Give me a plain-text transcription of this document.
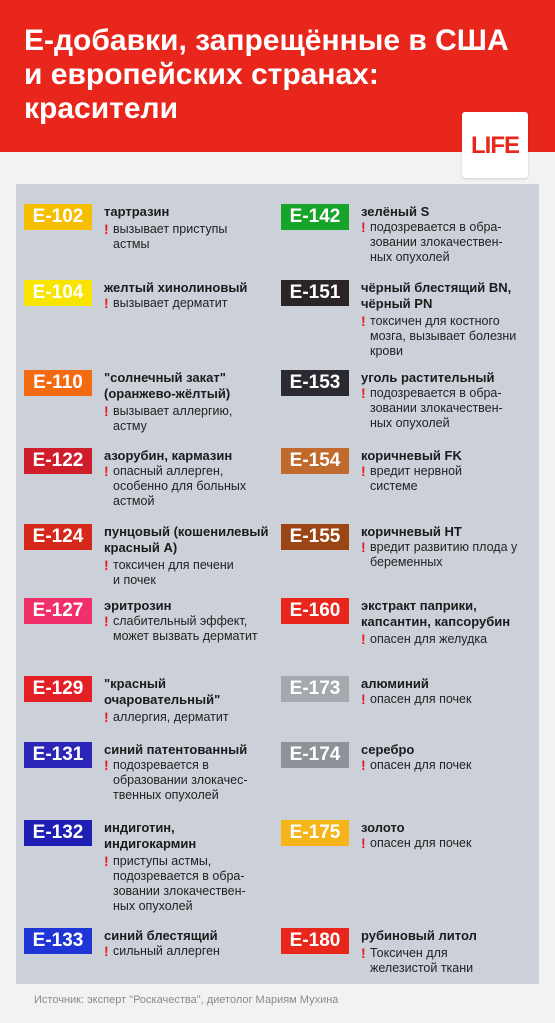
Е-добавки, запрещённые в США
и европейских странах:
красители
LIFE
Е-102	тартразин
! вызывает приступы
астмы
Е-104	желтый хинолиновый
! вызывает дерматит
Е-110	"солнечный закат"
(оранжево-жёлтый)
! вызывает аллергию,
астму
Е-122	азорубин, кармазин
! опасный аллерген,
особенно для больных
астмой
Е-124	пунцовый (кошенилевый
красный А)
! токсичен для печени
и почек
Е-127	эритрозин
! слабительный эффект,
может вызвать дерматит
Е-129	"красный
очаровательный"
! аллергия, дерматит
Е-131	синий патентованный
! подозревается в
образовании злокачес-
твенных опухолей
Е-132	индиготин,
индигокармин
! приступы астмы,
подозревается в обра-
зовании злокачествен-
ных опухолей
Е-133	синий блестящий
! сильный аллерген
Е-142	зелёный S
! подозревается в обра-
зовании злокачествен-
ных опухолей
Е-151	чёрный блестящий BN,
чёрный PN
! токсичен для костного
мозга, вызывает болезни
крови
Е-153	уголь растительный
! подозревается в обра-
зовании злокачествен-
ных опухолей
Е-154	коричневый FK
! вредит нервной
системе
Е-155	коричневый HT
! вредит развитию плода у
беременных
Е-160	экстракт паприки,
капсантин, капсорубин
! опасен для желудка
Е-173	алюминий
! опасен для почек
Е-174	серебро
! опасен для почек
Е-175	золото
! опасен для почек
Е-180	рубиновый литол
! Токсичен для
железистой ткани
Источник: эксперт "Роскачества", диетолог Мариям Мухина
